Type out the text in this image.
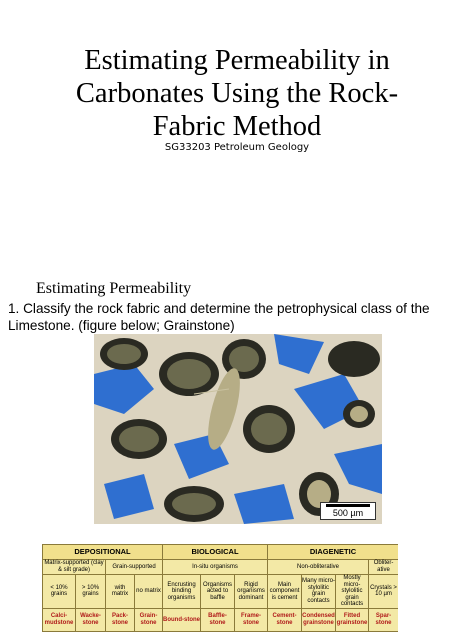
Estimating Permeability in
Carbonates Using the Rock-
Fabric Method
SG33203 Petroleum Geology
Estimating Permeability
1. Classify the rock fabric and determine the petrophysical class of the Limestone. (figure below; Grainstone)
500 µm
DEPOSITIONAL				BIOLOGICAL			DIAGENETIC			
Matrix-supported (clay & silt grade)		Grain-supported		In-situ organisms			Non-obliterative			Obliter-ative
< 10% grains	> 10% grains	with matrix	no matrix	Encrusting binding organisms	Organisms acted to baffle	Rigid organisms dominant	Main component is cement	Many micro-stylolitic grain contacts	Mostly micro-stylolitic grain contacts	Crystals > 10 µm
Calci-mudstone	Wacke-stone	Pack-stone	Grain-stone	Bound-stone	Baffle-stone	Frame-stone	Cement-stone	Condensed grainstone	Fitted grainstone	Spar-stone
